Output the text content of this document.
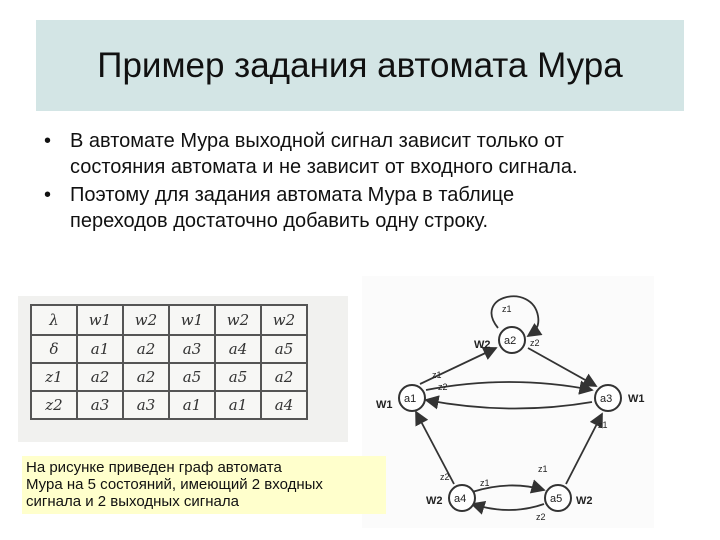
Пример задания автомата Мура
• В автомате Мура выходной сигнал зависит только от
состояния автомата и не зависит от входного сигнала.
• Поэтому для задания автомата Мура в таблице
переходов достаточно добавить одну строку.
λ	w1	w2	w1	w2	w2
δ	a1	a2	a3	a4	a5
z1	a2	a2	a5	a5	a2
z2	a3	a3	a1	a1	a4
a2
a1	a3
a4	a5
z1
W1	W1
W2	W2
W2	z2
z1
z2
z1
z2
z1
z1
z2
На рисунке приведен граф автомата
Мура на 5 состояний, имеющий 2 входных
сигнала и 2 выходных сигнала
